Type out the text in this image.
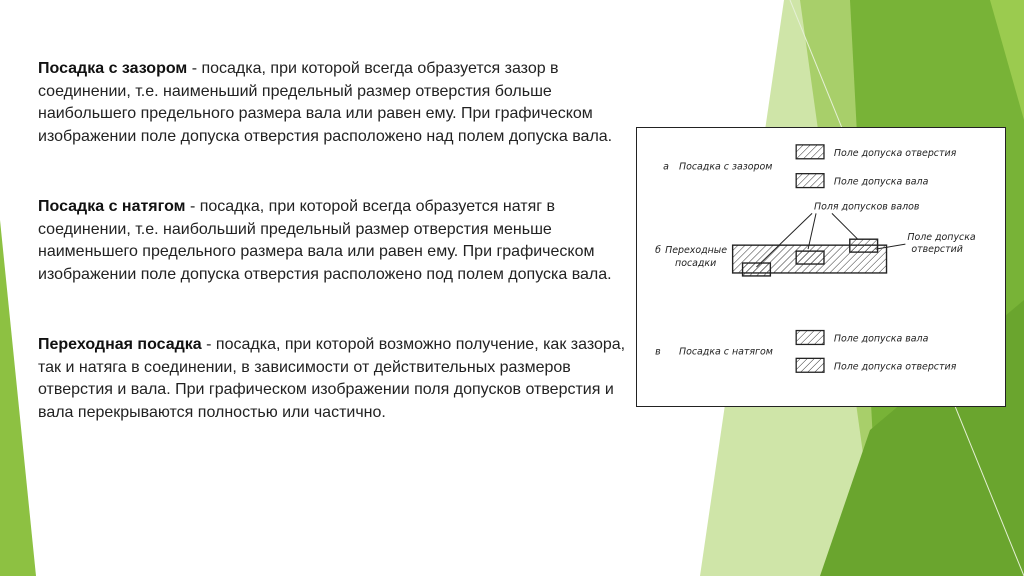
Посадка с зазором - посадка, при которой всегда образуется зазор в соединении, т.е. наименьший предельный размер отверстия больше наибольшего предельного размера вала или равен ему. При графическом изображении поле допуска отверстия расположено над полем допуска вала.
Посадка с натягом - посадка, при которой всегда образуется натяг в соединении, т.е. наибольший предельный размер отверстия меньше наименьшего предельного размера вала или равен ему. При графическом изображении поле допуска отверстия расположено под полем допуска вала.
Переходная посадка - посадка, при которой возможно получение, как зазора, так и натяга в соединении, в зависимости от действительных размеров отверстия и вала. При графическом изображении поля допусков отверстия и вала перекрываются полностью или частично.
а Посадка с зазором
Поле допуска отверстия
Поле допуска вала
б Переходные
посадки
Поля допусков валов
Поле допуска
отверстий
в Посадка с натягом
Поле допуска вала
Поле допуска отверстия
